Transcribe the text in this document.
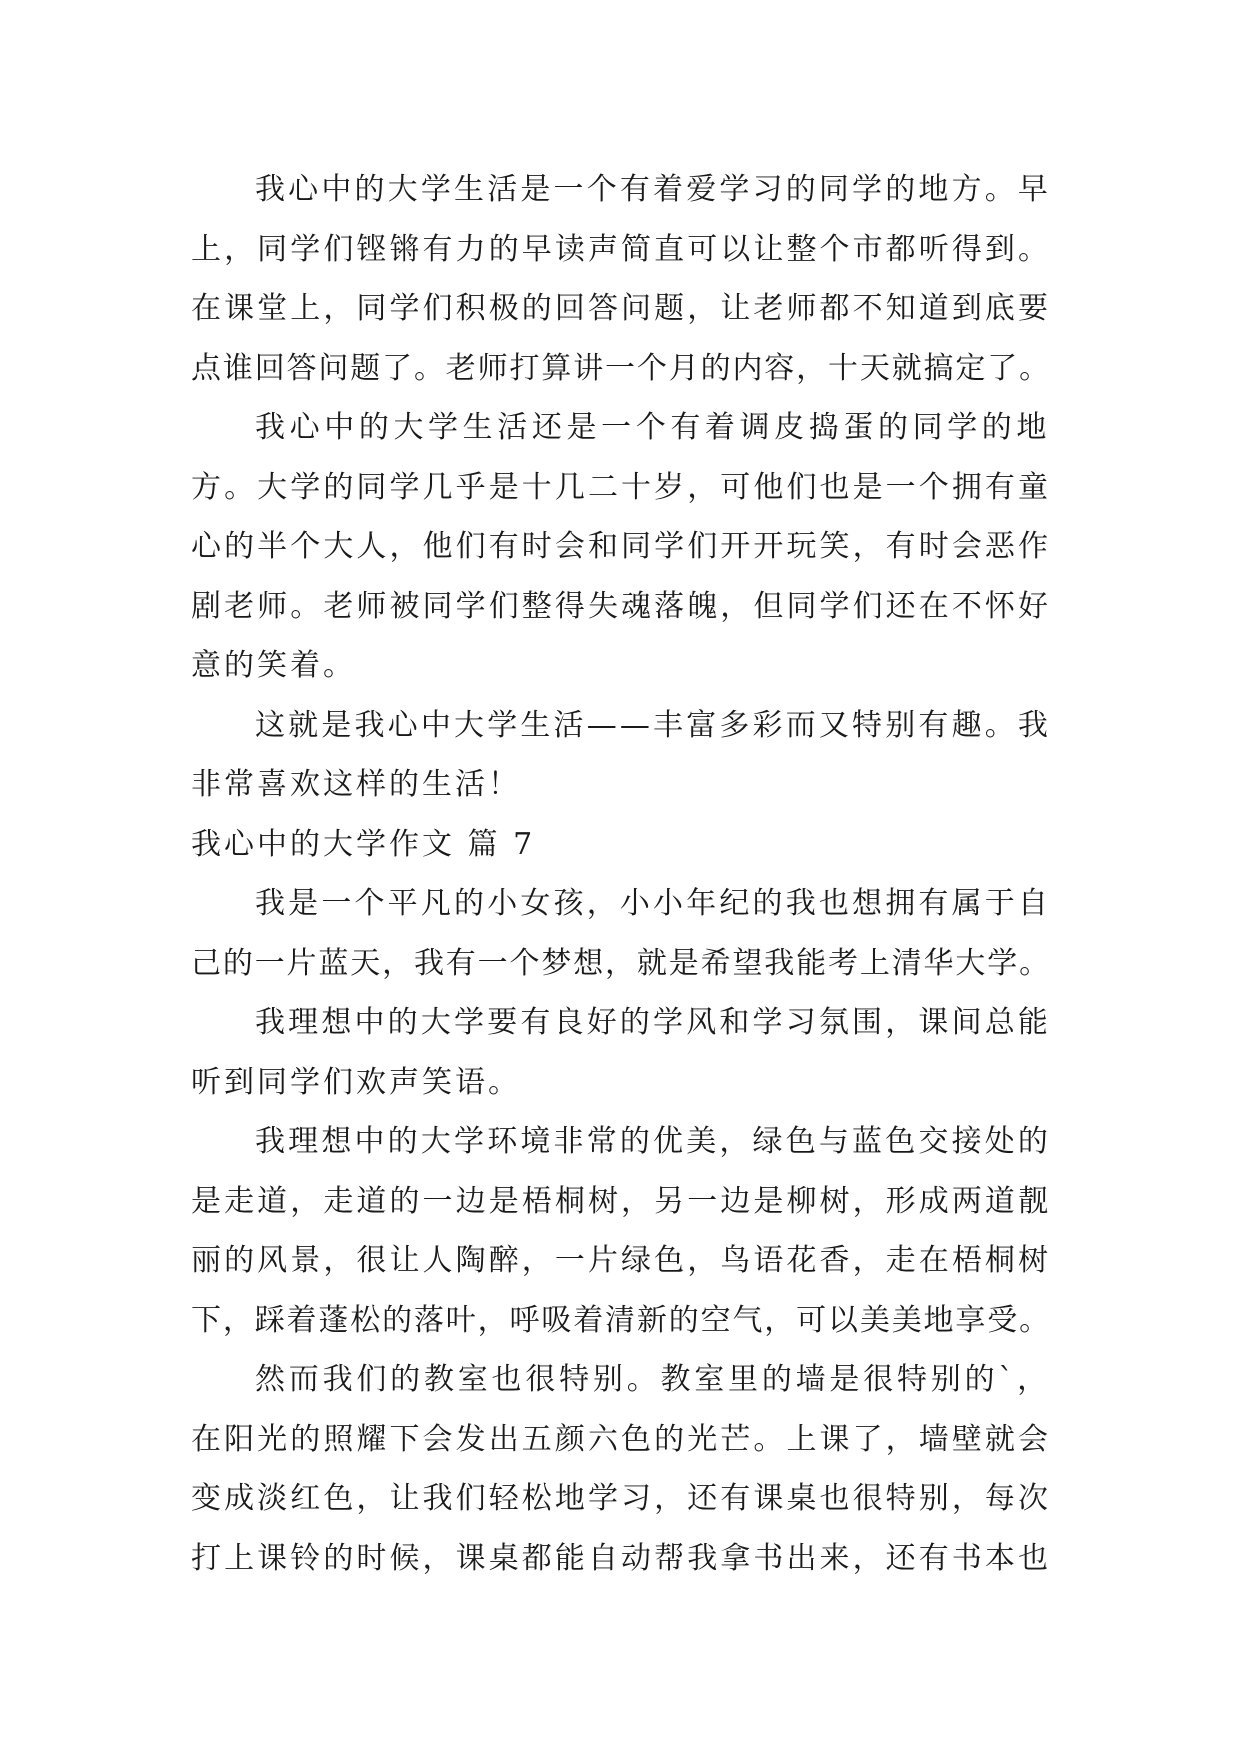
我心中的大学生活是一个有着爱学习的同学的地方。早
上，同学们铿锵有力的早读声简直可以让整个市都听得到。
在课堂上，同学们积极的回答问题，让老师都不知道到底要
点谁回答问题了。老师打算讲一个月的内容，十天就搞定了。
我心中的大学生活还是一个有着调皮捣蛋的同学的地
方。大学的同学几乎是十几二十岁，可他们也是一个拥有童
心的半个大人，他们有时会和同学们开开玩笑，有时会恶作
剧老师。老师被同学们整得失魂落魄，但同学们还在不怀好
意的笑着。
这就是我心中大学生活——丰富多彩而又特别有趣。我
非常喜欢这样的生活！
我心中的大学作文 篇 7
我是一个平凡的小女孩，小小年纪的我也想拥有属于自
己的一片蓝天，我有一个梦想，就是希望我能考上清华大学。
我理想中的大学要有良好的学风和学习氛围，课间总能
听到同学们欢声笑语。
我理想中的大学环境非常的优美，绿色与蓝色交接处的
是走道，走道的一边是梧桐树，另一边是柳树，形成两道靓
丽的风景，很让人陶醉，一片绿色，鸟语花香，走在梧桐树
下，踩着蓬松的落叶，呼吸着清新的空气，可以美美地享受。
然而我们的教室也很特别。教室里的墙是很特别的`，
在阳光的照耀下会发出五颜六色的光芒。上课了，墙壁就会
变成淡红色，让我们轻松地学习，还有课桌也很特别，每次
打上课铃的时候，课桌都能自动帮我拿书出来，还有书本也
